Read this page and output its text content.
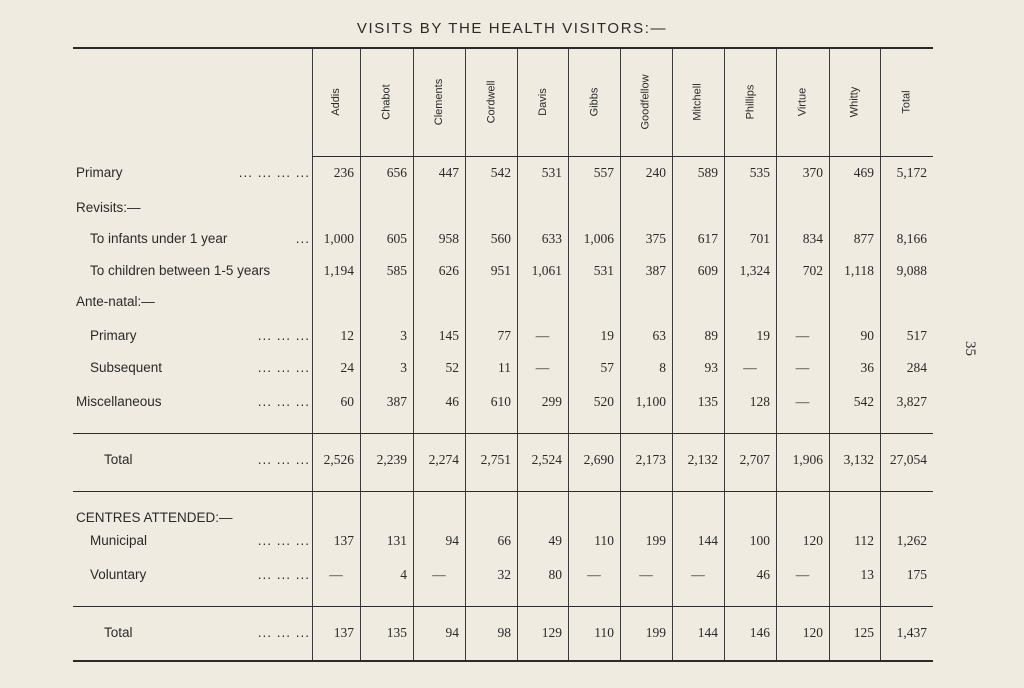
VISITS BY THE HEALTH VISITORS:—
35
Addis	Chabot	Clements	Cordwell	Davis	Gibbs	Goodfellow	Mitchell	Phillips	Virtue	Whitty	Total
Primary	... ... ... ...	236	656	447	542	531	557	240	589	535	370	469	5,172
Revisits:—
To infants under 1 year	...	1,000	605	958	560	633	1,006	375	617	701	834	877	8,166
To children between 1-5 years	1,194	585	626	951	1,061	531	387	609	1,324	702	1,118	9,088
Ante-natal:—
Primary	... ... ...	12	3	145	77	—	19	63	89	19	—	90	517
Subsequent	... ... ...	24	3	52	11	—	57	8	93	—	—	36	284
Miscellaneous	... ... ...	60	387	46	610	299	520	1,100	135	128	—	542	3,827
Total	... ... ...	2,526	2,239	2,274	2,751	2,524	2,690	2,173	2,132	2,707	1,906	3,132	27,054
CENTRES ATTENDED:—
Municipal	... ... ...	137	131	94	66	49	110	199	144	100	120	112	1,262
Voluntary	... ... ...	—	4	—	32	80	—	—	—	46	—	13	175
Total	... ... ...	137	135	94	98	129	110	199	144	146	120	125	1,437
